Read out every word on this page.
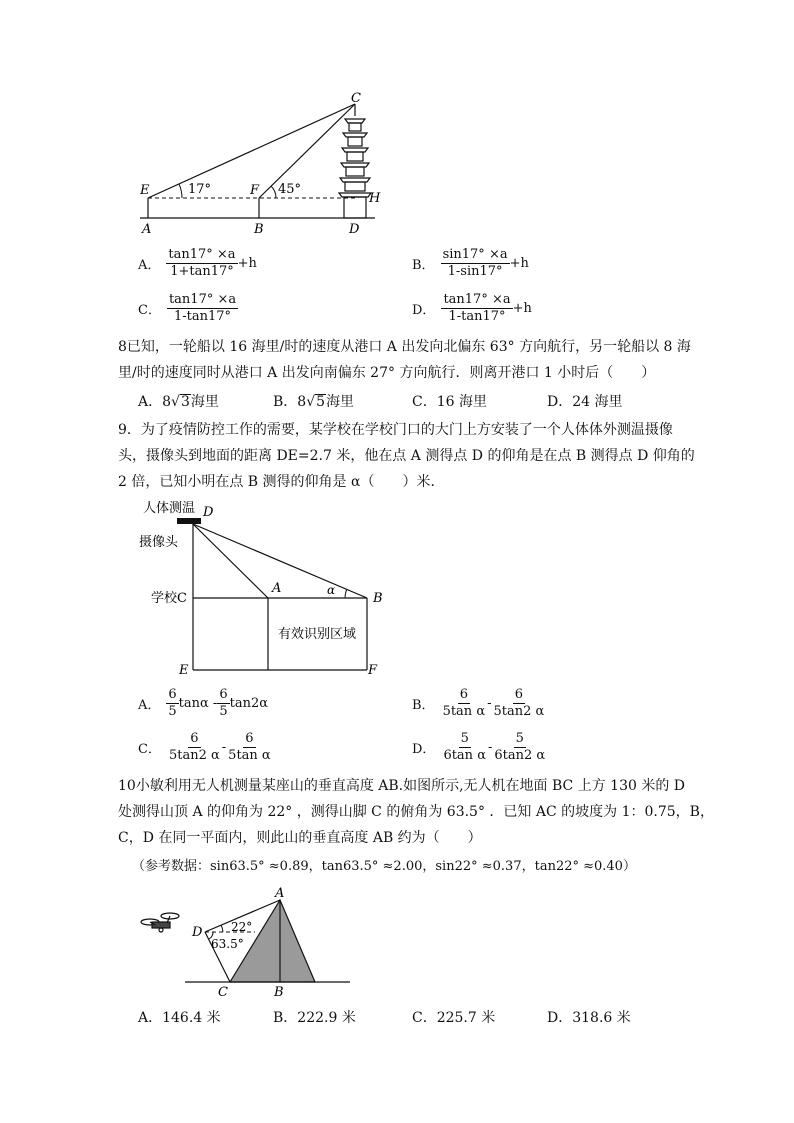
C
E	F
H
A	B	D
17°	45°
A． $\frac{\tan 17^\circ \times a}{1+\tan 17^\circ} +h$	B． $\frac{\sin 17^\circ \times a}{1-\sin 17^\circ} +h$
C． $\frac{\tan 17^\circ \times a}{1-\tan 17^\circ}$	D． $\frac{\tan 17^\circ \times a}{1-\tan 17^\circ} +h$
8已知，一轮船以 16 海里/时的速度从港口 A 出发向北偏东 63° 方向航行，另一轮船以 8 海
里/时的速度同时从港口 A 出发向南偏东 27° 方向航行．则离开港口 1 小时后（　　）
A．8√3海里	B．8√5海里	C．16 海里	D．24 海里
9．为了疫情防控工作的需要，某学校在学校门口的大门上方安装了一个人体体外测温摄像
头，摄像头到地面的距离 DE=2.7 米，他在点 A 测得点 D 的仰角是在点 B 测得点 D 仰角的
2 倍，已知小明在点 B 测得的仰角是 α（　　）米．
人体测温 D
摄像头
学校C
A	α
B
有效识别区域
E	F
A． $\frac{6}{5}$ tanα - $\frac{6}{5} \tan 2\alpha$	B． $\frac{6}{\text{5tan α}} - \frac{6}{5\tan 2 \alpha}$
C． $\frac{6}{5\tan 2 \alpha} - \frac{6}{\text{5tan α}}$	D． $\frac{5}{\text{6tan α}} - \frac{5}{6\tan 2 \alpha}$
10小敏利用无人机测量某座山的垂直高度 AB.如图所示,无人机在地面 BC 上方 130 米的 D
处测得山顶 A 的仰角为 22° ，测得山脚 C 的俯角为 63.5° ．已知 AC 的坡度为 1：0.75，B，
C，D 在同一平面内，则此山的垂直高度 AB 约为（　　）
（参考数据：sin63.5° ≈0.89，tan63.5° ≈2.00，sin22° ≈0.37，tan22° ≈0.40）
A
D 22°
63.5°
C	B
A．146.4 米	B．222.9 米	C．225.7 米	D．318.6 米
